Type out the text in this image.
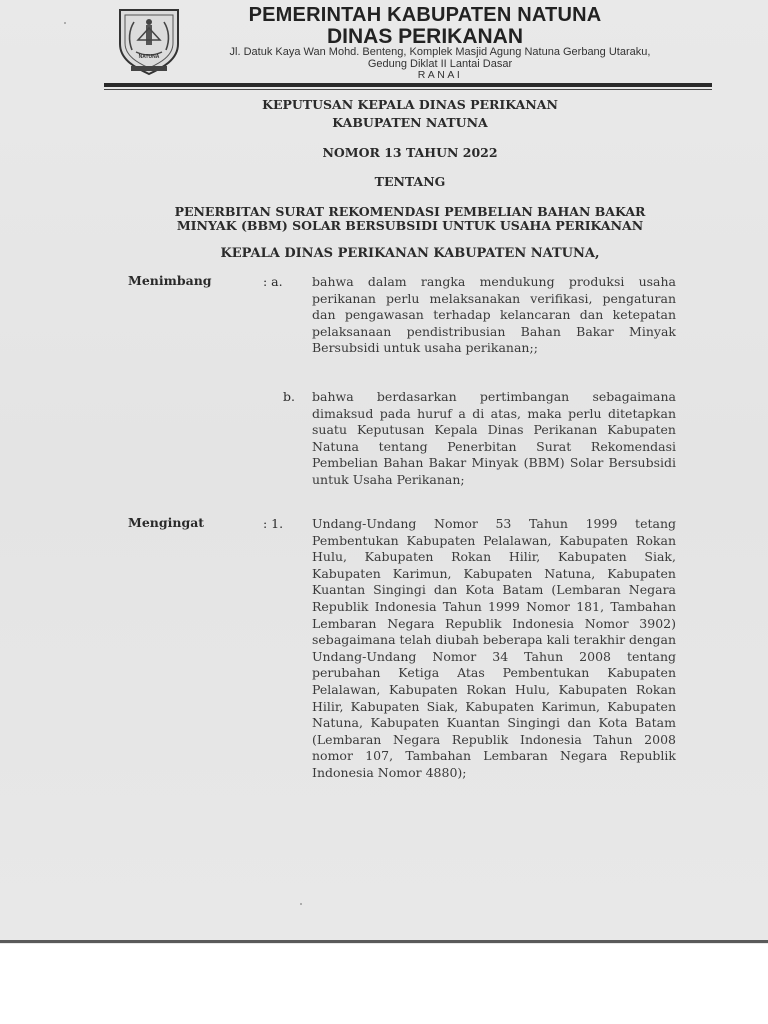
NATUNA
PEMERINTAH KABUPATEN NATUNA
DINAS PERIKANAN
Jl. Datuk Kaya Wan Mohd. Benteng, Komplek Masjid Agung Natuna Gerbang Utaraku,
Gedung Diklat II Lantai Dasar
RANAI
KEPUTUSAN KEPALA DINAS PERIKANAN
KABUPATEN NATUNA
NOMOR 13 TAHUN 2022
TENTANG
PENERBITAN SURAT REKOMENDASI PEMBELIAN BAHAN BAKAR
MINYAK (BBM) SOLAR BERSUBSIDI UNTUK USAHA PERIKANAN
KEPALA DINAS PERIKANAN KABUPATEN NATUNA,
Menimbang	: a. bahwa dalam rangka mendukung produksi usaha perikanan perlu melaksanakan verifikasi, pengaturan dan pengawasan terhadap kelancaran dan ketepatan pelaksanaan pendistribusian Bahan Bakar Minyak Bersubsidi untuk usaha perikanan;;
b. bahwa berdasarkan pertimbangan sebagaimana dimaksud pada huruf a di atas, maka perlu ditetapkan suatu Keputusan Kepala Dinas Perikanan Kabupaten Natuna tentang Penerbitan Surat Rekomendasi Pembelian Bahan Bakar Minyak (BBM) Solar Bersubsidi untuk Usaha Perikanan;
Mengingat	: 1. Undang-Undang Nomor 53 Tahun 1999 tetang Pembentukan Kabupaten Pelalawan, Kabupaten Rokan Hulu, Kabupaten Rokan Hilir, Kabupaten Siak, Kabupaten Karimun, Kabupaten Natuna, Kabupaten Kuantan Singingi dan Kota Batam (Lembaran Negara Republik Indonesia Tahun 1999 Nomor 181, Tambahan Lembaran Negara Republik Indonesia Nomor 3902) sebagaimana telah diubah beberapa kali terakhir dengan Undang-Undang Nomor 34 Tahun 2008 tentang perubahan Ketiga Atas Pembentukan Kabupaten Pelalawan, Kabupaten Rokan Hulu, Kabupaten Rokan Hilir, Kabupaten Siak, Kabupaten Karimun, Kabupaten Natuna, Kabupaten Kuantan Singingi dan Kota Batam (Lembaran Negara Republik Indonesia Tahun 2008 nomor 107, Tambahan Lembaran Negara Republik Indonesia Nomor 4880);
